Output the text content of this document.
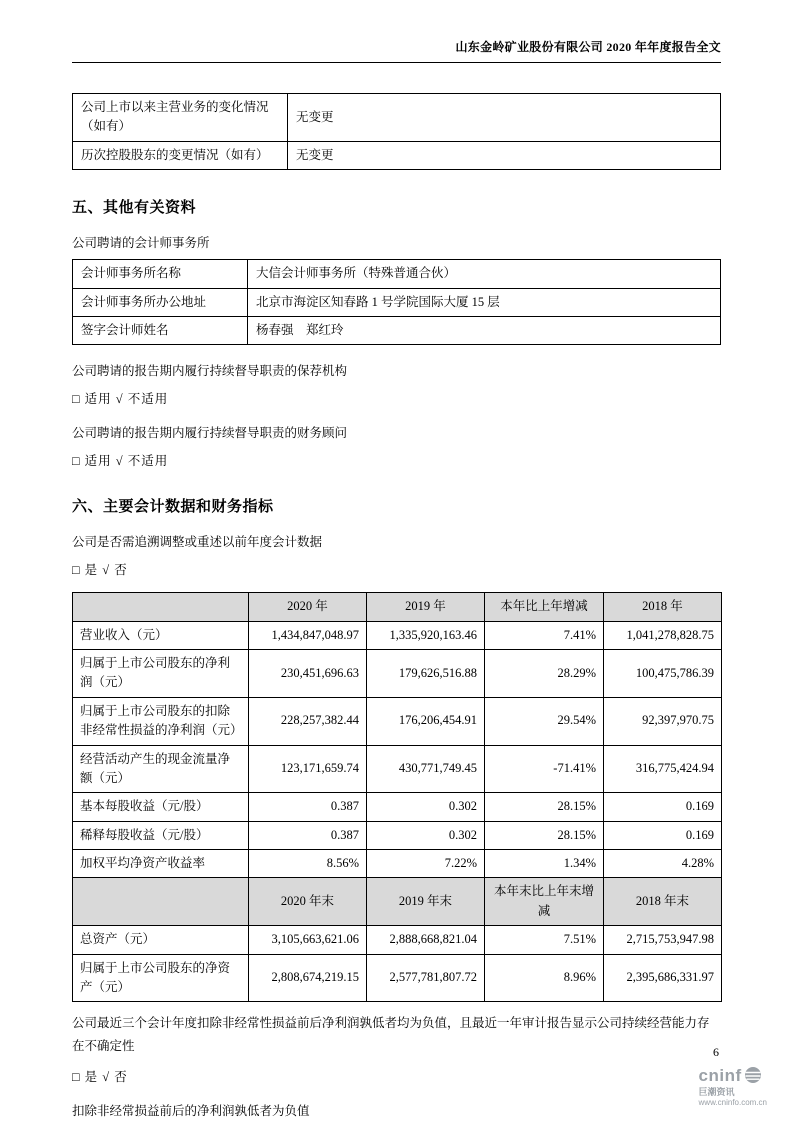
山东金岭矿业股份有限公司 2020 年年度报告全文
公司上市以来主营业务的变化情况（如有）	无变更
历次控股股东的变更情况（如有）	无变更
五、其他有关资料
公司聘请的会计师事务所
会计师事务所名称	大信会计师事务所（特殊普通合伙）
会计师事务所办公地址	北京市海淀区知春路 1 号学院国际大厦 15 层
签字会计师姓名	杨春强　郑红玲
公司聘请的报告期内履行持续督导职责的保荐机构
□ 适用 √ 不适用
公司聘请的报告期内履行持续督导职责的财务顾问
□ 适用 √ 不适用
六、主要会计数据和财务指标
公司是否需追溯调整或重述以前年度会计数据
□ 是 √ 否
	2020 年	2019 年	本年比上年增减	2018 年
营业收入（元）	1,434,847,048.97	1,335,920,163.46	7.41%	1,041,278,828.75
归属于上市公司股东的净利润（元）	230,451,696.63	179,626,516.88	28.29%	100,475,786.39
归属于上市公司股东的扣除非经常性损益的净利润（元）	228,257,382.44	176,206,454.91	29.54%	92,397,970.75
经营活动产生的现金流量净额（元）	123,171,659.74	430,771,749.45	-71.41%	316,775,424.94
基本每股收益（元/股）	0.387	0.302	28.15%	0.169
稀释每股收益（元/股）	0.387	0.302	28.15%	0.169
加权平均净资产收益率	8.56%	7.22%	1.34%	4.28%
	2020 年末	2019 年末	本年末比上年末增减	2018 年末
总资产（元）	3,105,663,621.06	2,888,668,821.04	7.51%	2,715,753,947.98
归属于上市公司股东的净资产（元）	2,808,674,219.15	2,577,781,807.72	8.96%	2,395,686,331.97
公司最近三个会计年度扣除非经常性损益前后净利润孰低者均为负值，且最近一年审计报告显示公司持续经营能力存在不确定性
□ 是 √ 否
扣除非经常损益前后的净利润孰低者为负值
6
cninf
巨潮资讯
www.cninfo.com.cn
